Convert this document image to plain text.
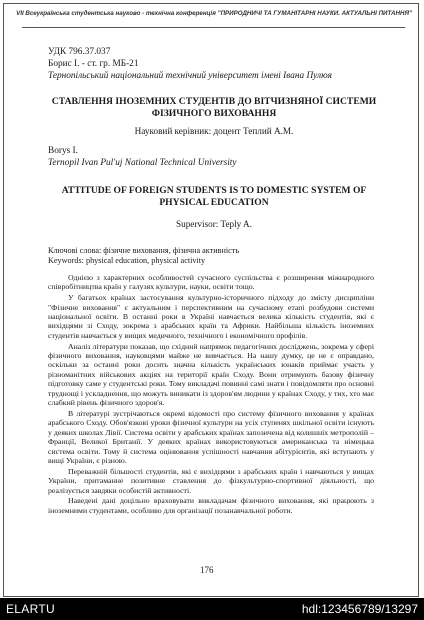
VII Всеукраїнська студентська науково - технічна конференція "ПРИРОДНИЧІ ТА ГУМАНІТАРНІ НАУКИ. АКТУАЛЬНІ ПИТАННЯ"
УДК 796.37.037
Борис І. - ст. гр. МБ-21
Тернопільський національний технічний університет імені Івана Пулюя
СТАВЛЕННЯ ІНОЗЕМНИХ СТУДЕНТІВ ДО ВІТЧИЗНЯНОЇ СИСТЕМИ ФІЗИЧНОГО ВИХОВАННЯ
Науковий керівник: доцент Теплий А.М.
Borys I.
Ternopil Ivan Pul'uj National Technical University
ATTITUDE OF FOREIGN STUDENTS IS TO DOMESTIC SYSTEM OF PHYSICAL EDUCATION
Supervisor: Teply A.
Ключові слова: фізичне виховання, фізична активність
Keywords: physical education, physical activity

Однією з характерних особливостей сучасного суспільства є розширення міжнародного співробітництва країн у галузях культури, науки, освіти тощо.

У багатьох країнах застосування культурно-історичного підходу до змісту дисципліни "Фізичне виховання" є актуальним і перспективним на сучасному етапі розбудови системи національної освіти. В останні роки в Україні навчається велика кількість студентів, які є вихідцями зі Сходу, зокрема з арабських країн та Африки. Найбільша кількість іноземних студентів навчається у вищих медичного, технічного і економічного профілів.

Аналіз літератури показав, що східний напрямок педагогічних досліджень, зокрема у сфері фізичного виховання, науковцями майже не вивчається. На нашу думку, це не є оправдано, оскільки за останні роки досить значна кількість українських юнаків приймає участь у різноманітних військових акціях на території країн Сходу. Вони отримують базову фізичну підготовку саме у студентські роки. Тому викладачі повинні самі знати і повідомляти про основні труднощі і ускладнення, що можуть виникати із здоров'ям людини у країнах Сходу, у тих, хто має слабкий рівень фізичного здоров'я.

В літературі зустрічаються окремі відомості про систему фізичного виховання у країнах арабського Сходу. Обов'язкові уроки фізичної культури на усіх ступенях шкільної освіти існують у деяких школах Лівії. Система освіти у арабських країнах запозичена від колишніх метрополій – Франції, Великої Британії. У деяких країнах використовуються американська та німецька система освіти. Тому й система оцінювання успішності навчання абітурієнтів, які вступають у вищі України, є різною.

Переважній більшості студентів, які є вихідцями з арабських країн і навчаються у вищах України, притаманне позитивне ставлення до фізкультурно-спортивної діяльності, що реалізується завдяки особистій активності.

Наведені дані доцільно враховувати викладачам фізичного виховання, які працюють з іноземними студентами, особливо для організації позанавчальної роботи.

176
ELARTU	hdl:123456789/13297
